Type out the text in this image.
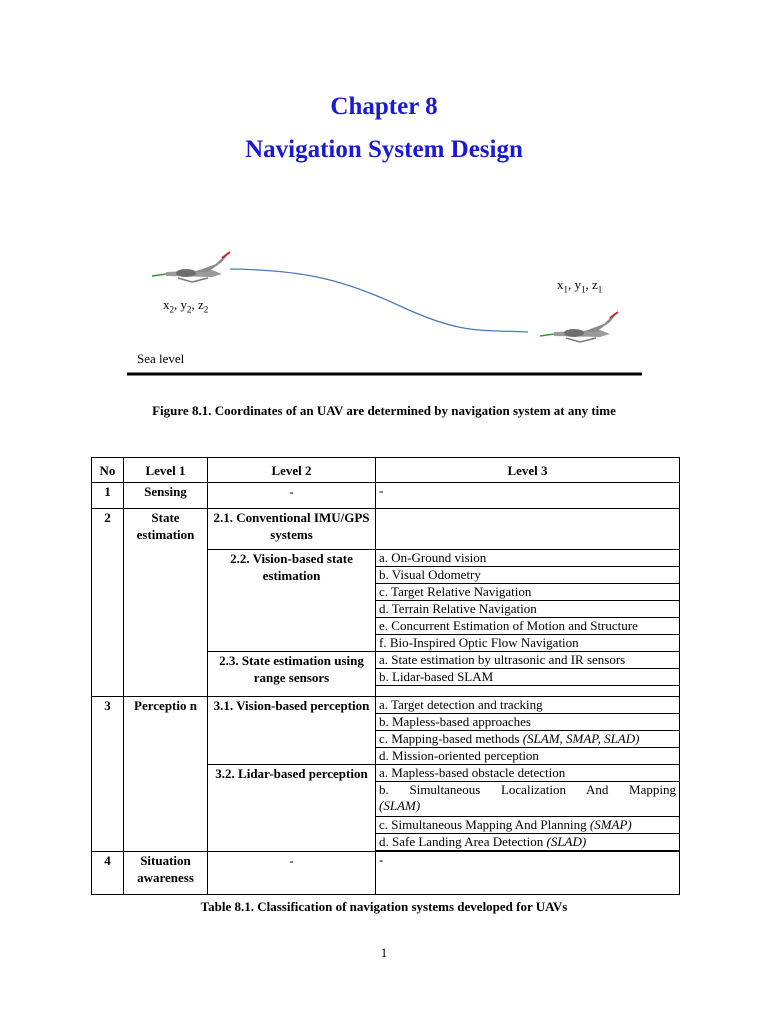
Chapter 8
Navigation System Design
$x_2$, $y_2$, $z_2$
$x_1$, $y_1$, $z_1$
Sea level
Figure 8.1. Coordinates of an UAV are determined by navigation system at any time
No	Level 1	Level 2	Level 3
1	Sensing	-	-
2	State estimation	2.1. Conventional IMU/GPS systems	
		2.2. Vision-based state estimation	a. On-Ground vision
			b. Visual Odometry
			c. Target Relative Navigation
			d. Terrain Relative Navigation
			e. Concurrent Estimation of Motion and Structure
			f. Bio-Inspired Optic Flow Navigation
		2.3. State estimation using range sensors	a. State estimation by ultrasonic and IR sensors
			b. Lidar-based SLAM

3	Perceptio n	3.1. Vision-based perception	a. Target detection and tracking
			b. Mapless-based approaches
			c. Mapping-based methods (SLAM, SMAP, SLAD)
			d. Mission-oriented perception
		3.2. Lidar-based perception	a. Mapless-based obstacle detection
			b. Simultaneous Localization And Mapping
(SLAM)
			c. Simultaneous Mapping And Planning (SMAP)
			d. Safe Landing Area Detection (SLAD)

4	Situation awareness	-	-
Table 8.1. Classification of navigation systems developed for UAVs
1
